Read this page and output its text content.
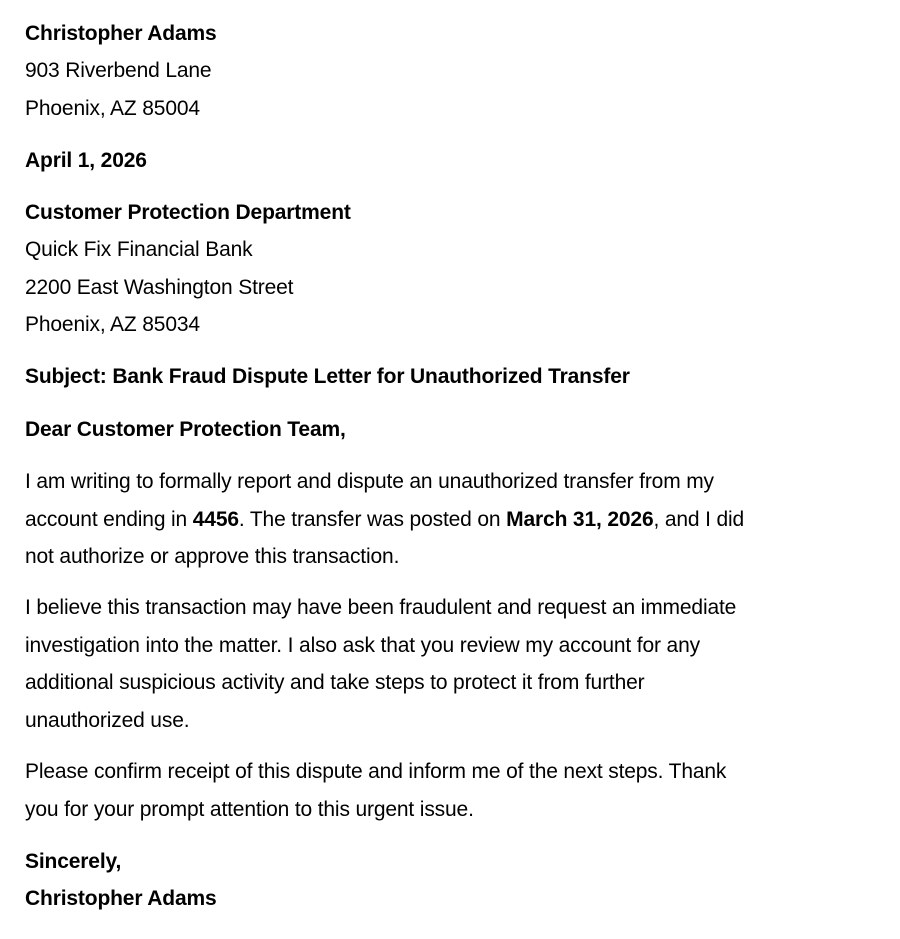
Christopher Adams
903 Riverbend Lane
Phoenix, AZ 85004
April 1, 2026
Customer Protection Department
Quick Fix Financial Bank
2200 East Washington Street
Phoenix, AZ 85034
Subject: Bank Fraud Dispute Letter for Unauthorized Transfer
Dear Customer Protection Team,
I am writing to formally report and dispute an unauthorized transfer from my
account ending in 4456. The transfer was posted on March 31, 2026, and I did
not authorize or approve this transaction.
I believe this transaction may have been fraudulent and request an immediate
investigation into the matter. I also ask that you review my account for any
additional suspicious activity and take steps to protect it from further
unauthorized use.
Please confirm receipt of this dispute and inform me of the next steps. Thank
you for your prompt attention to this urgent issue.
Sincerely,
Christopher Adams
